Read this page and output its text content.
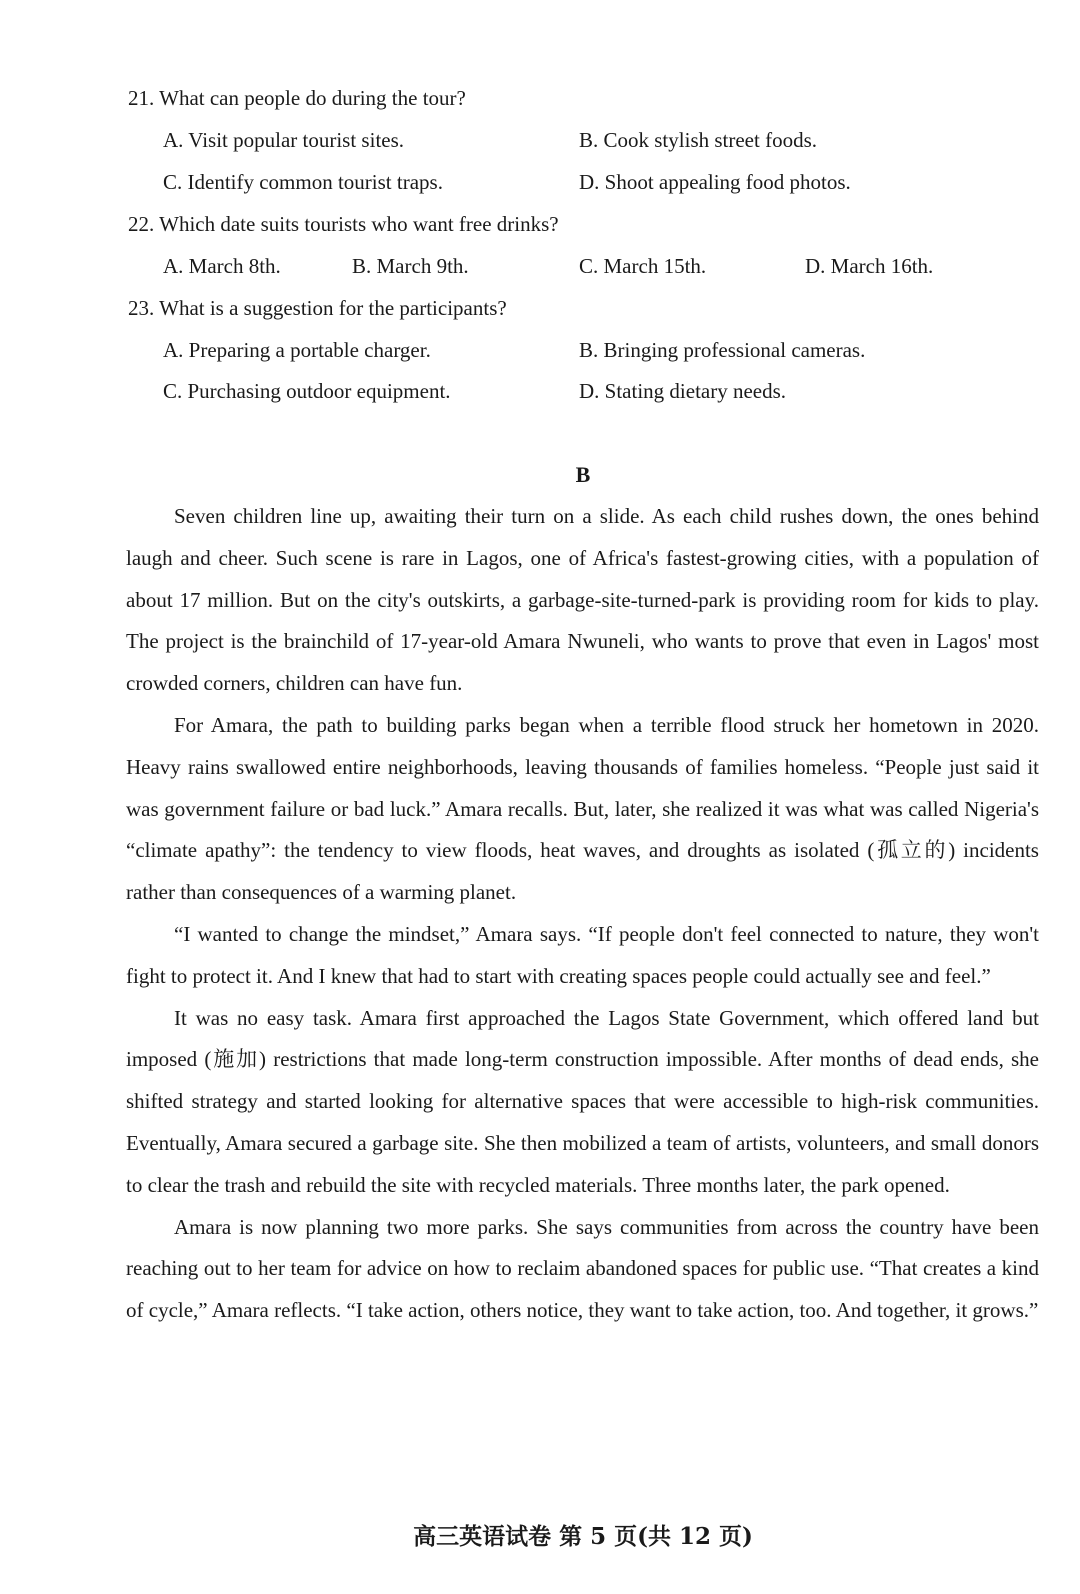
21. What can people do during the tour?
A. Visit popular tourist sites.	B. Cook stylish street foods.
C. Identify common tourist traps.	D. Shoot appealing food photos.
22. Which date suits tourists who want free drinks?
A. March 8th.	B. March 9th.	C. March 15th.	D. March 16th.
23. What is a suggestion for the participants?
A. Preparing a portable charger.	B. Bringing professional cameras.
C. Purchasing outdoor equipment.	D. Stating dietary needs.
B

Seven children line up, awaiting their turn on a slide. As each child rushes down, the ones behind laugh and cheer. Such scene is rare in Lagos, one of Africa's fastest-growing cities, with a population of about 17 million. But on the city's outskirts, a garbage-site-turned-park is providing room for kids to play. The project is the brainchild of 17-year-old Amara Nwuneli, who wants to prove that even in Lagos' most crowded corners, children can have fun.

For Amara, the path to building parks began when a terrible flood struck her hometown in 2020. Heavy rains swallowed entire neighborhoods, leaving thousands of families homeless. “People just said it was government failure or bad luck.” Amara recalls. But, later, she realized it was what was called Nigeria's “climate apathy”: the tendency to view floods, heat waves, and droughts as isolated (孤立的) incidents rather than consequences of a warming planet.

“I wanted to change the mindset,” Amara says. “If people don't feel connected to nature, they won't fight to protect it. And I knew that had to start with creating spaces people could actually see and feel.”

It was no easy task. Amara first approached the Lagos State Government, which offered land but imposed (施加) restrictions that made long-term construction impossible. After months of dead ends, she shifted strategy and started looking for alternative spaces that were accessible to high-risk communities. Eventually, Amara secured a garbage site. She then mobilized a team of artists, volunteers, and small donors to clear the trash and rebuild the site with recycled materials. Three months later, the park opened.

Amara is now planning two more parks. She says communities from across the country have been reaching out to her team for advice on how to reclaim abandoned spaces for public use. “That creates a kind of cycle,” Amara reflects. “I take action, others notice, they want to take action, too. And together, it grows.”

高三英语试卷 第 5 页(共 12 页)
